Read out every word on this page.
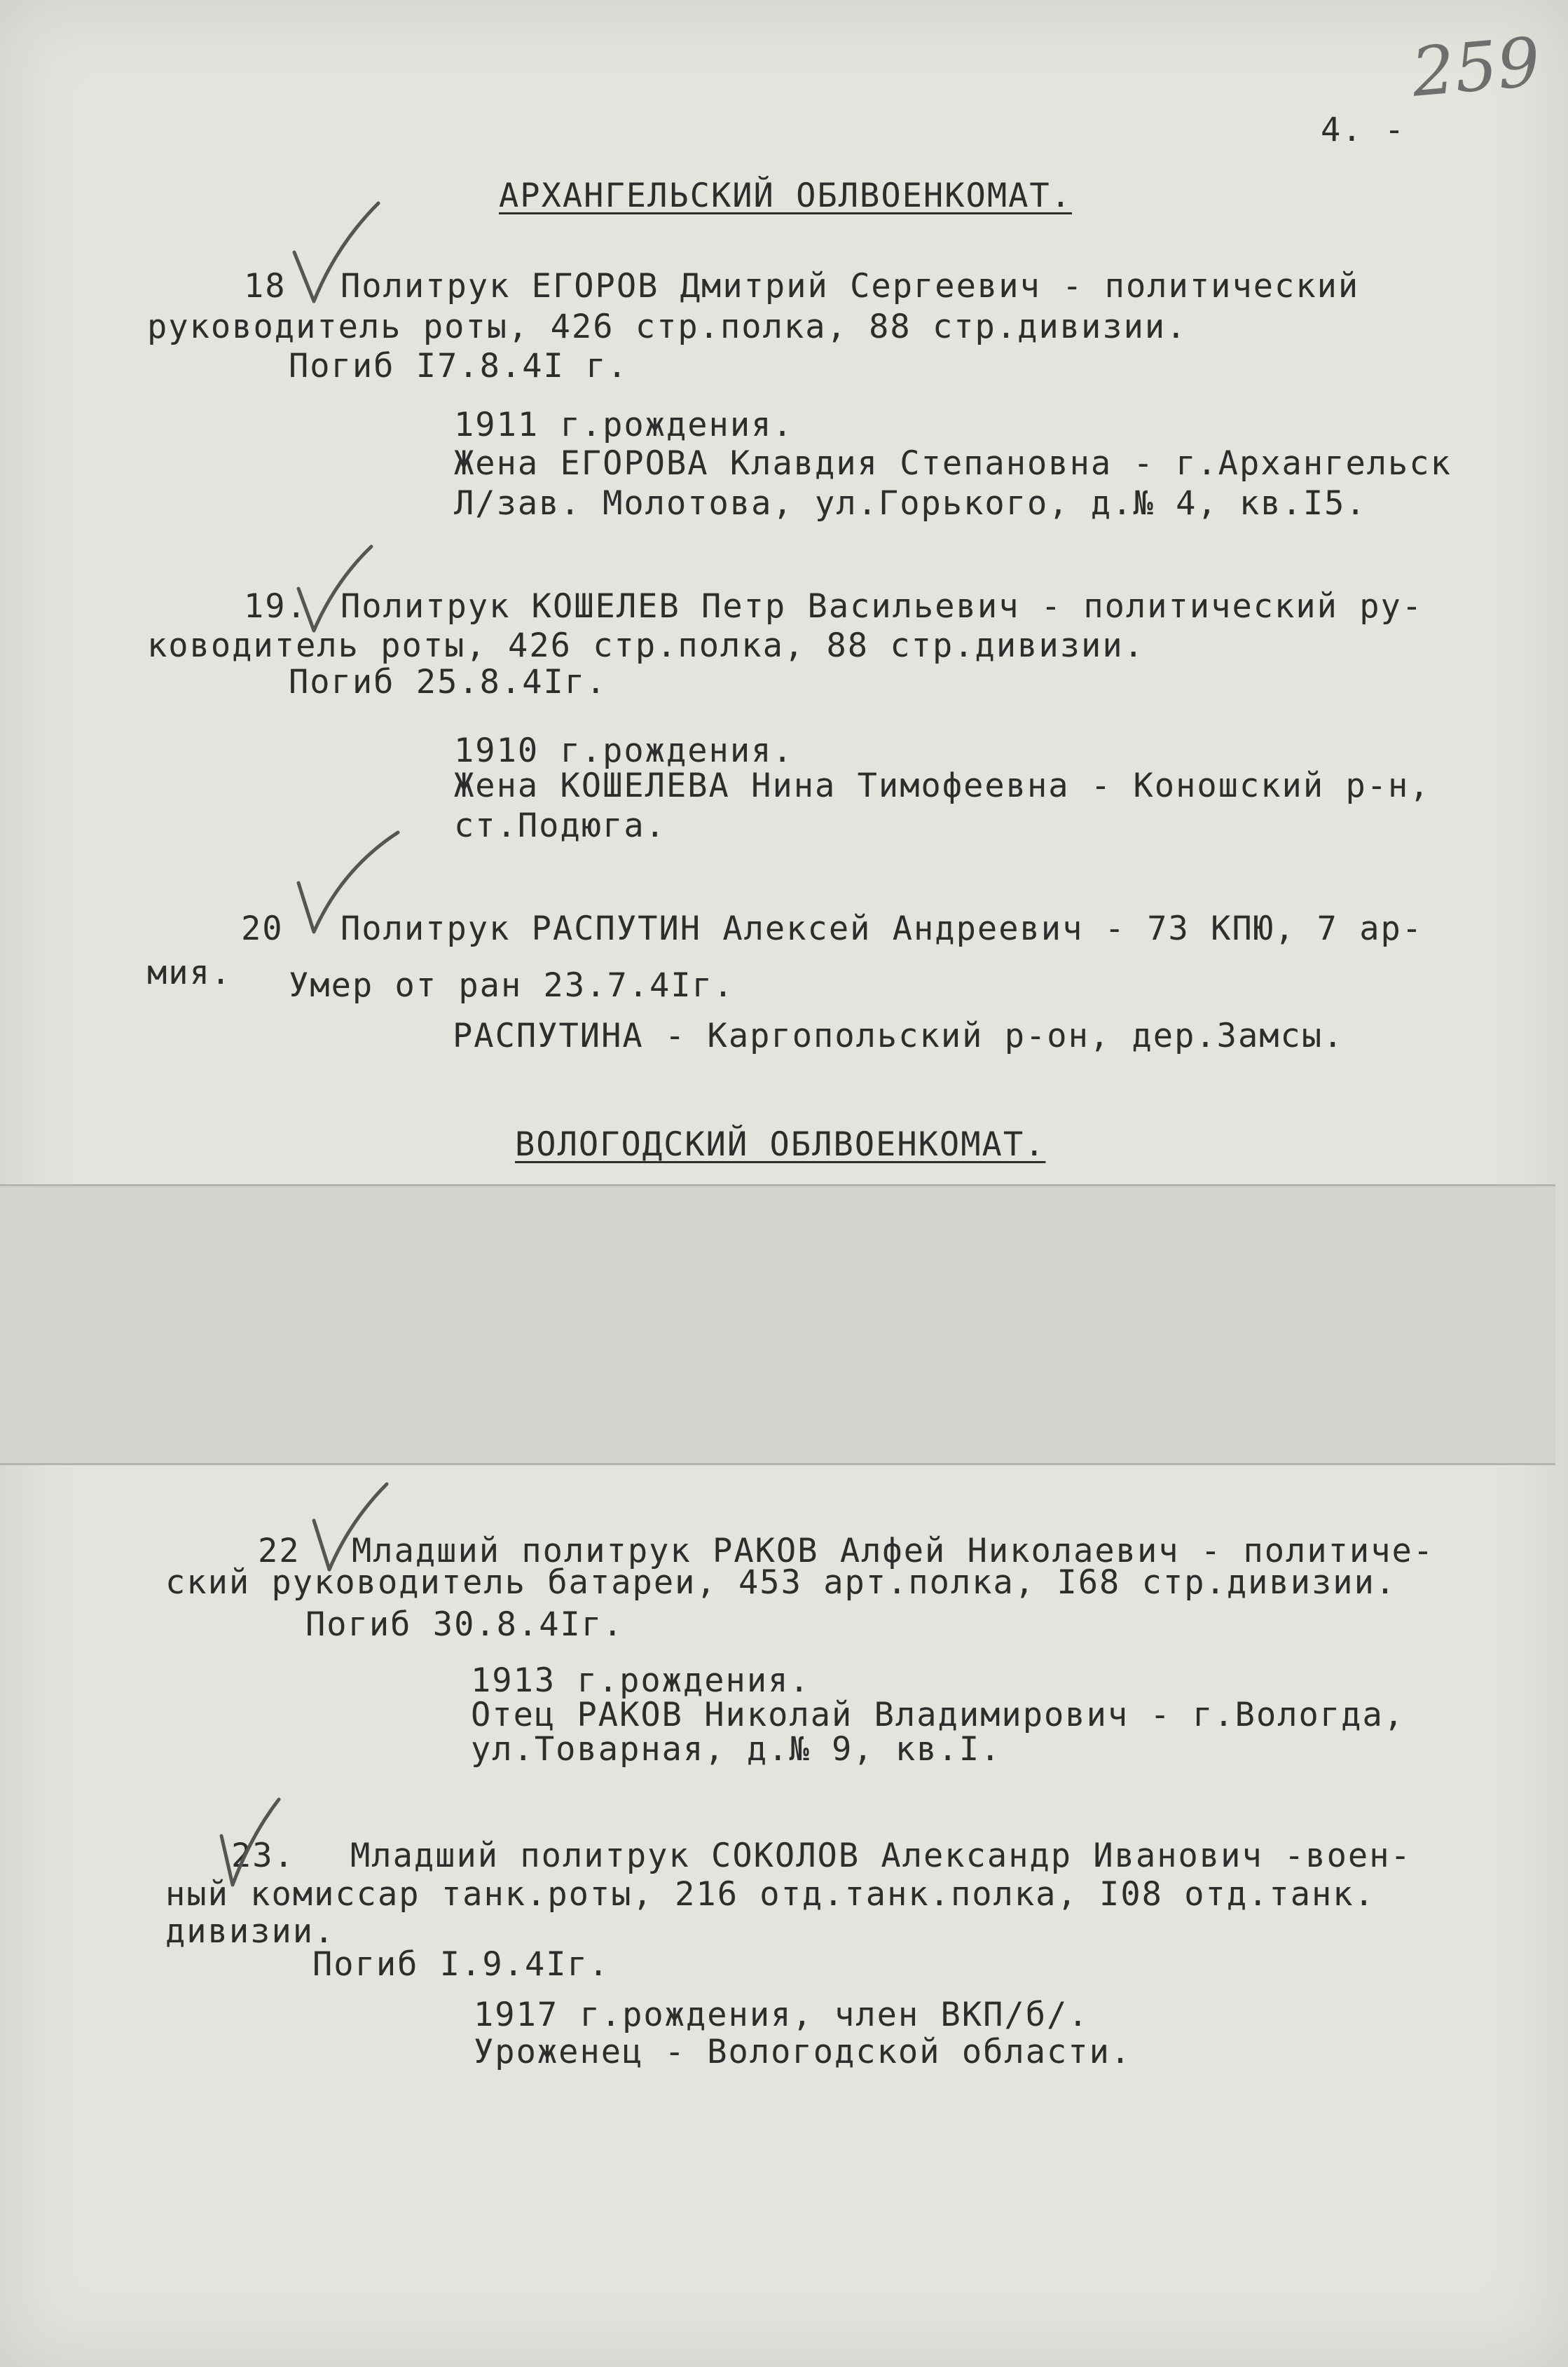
259
4. -
АРХАНГЕЛЬСКИЙ ОБЛВОЕНКОМАТ.
18 Политрук ЕГОРОВ Дмитрий Сергеевич - политический
руководитель роты, 426 стр.полка, 88 стр.дивизии.
Погиб I7.8.4I г.
1911 г.рождения.
Жена ЕГОРОВА Клавдия Степановна - г.Архангельск
Л/зав. Молотова, ул.Горького, д.№ 4, кв.I5.
19. Политрук КОШЕЛЕВ Петр Васильевич - политический ру-
ководитель роты, 426 стр.полка, 88 стр.дивизии.
Погиб 25.8.4Iг.
1910 г.рождения.
Жена КОШЕЛЕВА Нина Тимофеевна - Коношский р-н,
ст.Подюга.
20 Политрук РАСПУТИН Алексей Андреевич - 73 КПЮ, 7 ар-
мия. Умер от ран 23.7.4Iг.
РАСПУТИНА - Каргопольский р-он, дер.Замсы.
ВОЛОГОДСКИЙ ОБЛВОЕНКОМАТ.
22 Младший политрук РАКОВ Алфей Николаевич - политиче-
ский руководитель батареи, 453 арт.полка, I68 стр.дивизии.
Погиб 30.8.4Iг.
1913 г.рождения.
Отец РАКОВ Николай Владимирович - г.Вологда,
ул.Товарная, д.№ 9, кв.I.
23. Младший политрук СОКОЛОВ Александр Иванович -воен-
ный комиссар танк.роты, 216 отд.танк.полка, I08 отд.танк.
дивизии.
Погиб I.9.4Iг.
1917 г.рождения, член ВКП/б/.
Уроженец - Вологодской области.
